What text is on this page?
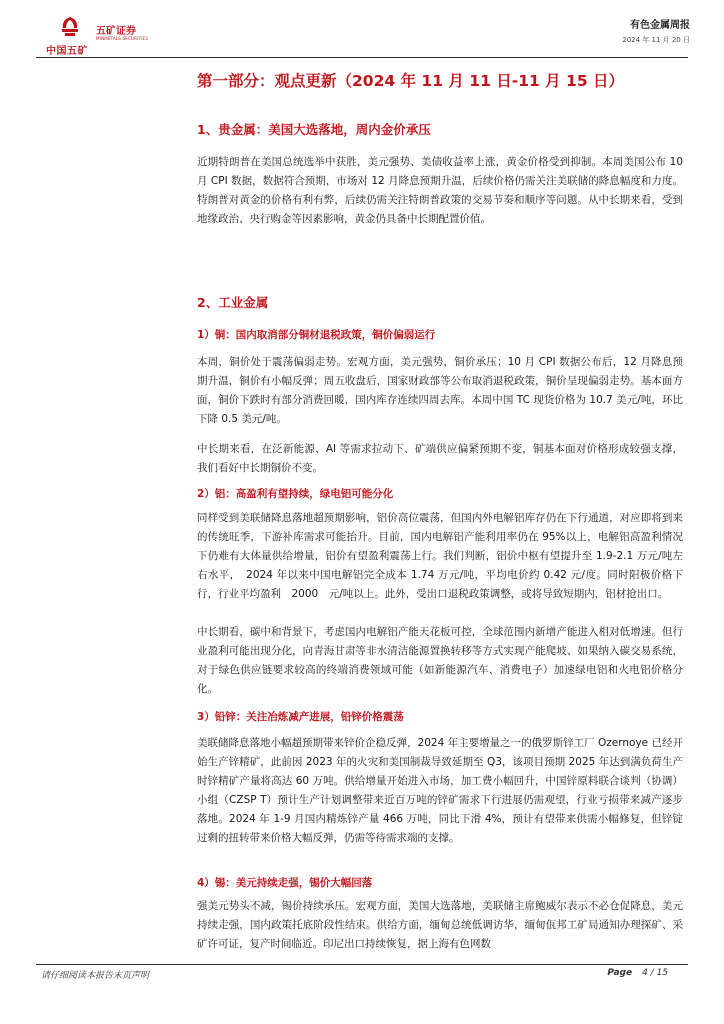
中国五矿
五矿证券
MINMETALS SECURITIES
有色金属周报
2024 年 11 月 20 日
第一部分：观点更新（2024 年 11 月 11 日-11 月 15 日）
1、贵金属：美国大选落地，周内金价承压
近期特朗普在美国总统选举中获胜，美元强势、美债收益率上涨，黄金价格受到抑制。本周美国公布 10 月 CPI 数据，数据符合预期，市场对 12 月降息预期升温，后续价格仍需关注美联储的降息幅度和力度。特朗普对黄金的价格有利有弊，后续仍需关注特朗普政策的交易节奏和顺序等问题。从中长期来看，受到地缘政治、央行购金等因素影响，黄金仍具备中长期配置价值。
2、工业金属
1）铜：国内取消部分铜材退税政策，铜价偏弱运行
本周，铜价处于震荡偏弱走势。宏观方面，美元强势，铜价承压；10 月 CPI 数据公布后，12 月降息预期升温，铜价有小幅反弹；周五收盘后，国家财政部等公布取消退税政策，铜价呈现偏弱走势。基本面方面，铜价下跌时有部分消费回暖，国内库存连续四周去库。本周中国 TC 现货价格为 10.7 美元/吨，环比下降 0.5 美元/吨。
中长期来看，在泛新能源、AI 等需求拉动下、矿端供应偏紧预期不变，铜基本面对价格形成较强支撑，我们看好中长期铜价不变。
2）铝：高盈利有望持续，绿电铝可能分化
同样受到美联储降息落地超预期影响，铝价高位震荡，但国内外电解铝库存仍在下行通道，对应即将到来的传统旺季，下游补库需求可能抬升。目前，国内电解铝产能利用率仍在 95%以上，电解铝高盈利情况下仍难有大体量供给增量，铝价有望盈利震荡上行。我们判断，铝价中枢有望提升至 1.9-2.1 万元/吨左右水平，　2024 年以来中国电解铝完全成本 1.74 万元/吨，平均电价约 0.42 元/度。同时阳极价格下行，行业平均盈利　2000　元/吨以上。此外，受出口退税政策调整，或将导致短期内，铝材抢出口。
中长期看，碳中和背景下，考虑国内电解铝产能天花板可控，全球范围内新增产能进入相对低增速。但行业盈利可能出现分化，向青海甘肃等非水清洁能源置换转移等方式实现产能爬坡、如果纳入碳交易系统，对于绿色供应链要求较高的终端消费领域可能（如新能源汽车、消费电子）加速绿电铝和火电铝价格分化。
3）铅锌：关注冶炼减产进展，铅锌价格震荡
美联储降息落地小幅超预期带来锌价企稳反弹，2024 年主要增量之一的俄罗斯锌工厂 Ozernoye 已经开始生产锌精矿，此前因 2023 年的火灾和美国制裁导致延期至 Q3，该项目预期 2025 年达到满负荷生产时锌精矿产量将高达 60 万吨。供给增量开始进入市场，加工费小幅回升，中国锌原料联合谈判（协调）小组（CZSP T）预计生产计划调整带来近百万吨的锌矿需求下行进展仍需观望，行业亏损带来减产逐步落地。2024 年 1-9 月国内精炼锌产量 466 万吨，同比下滑 4%，预计有望带来供需小幅修复，但锌锭过剩的扭转带来价格大幅反弹，仍需等待需求端的支撑。
4）锡：美元持续走强，锡价大幅回落
强美元势头不减，锡价持续承压。宏观方面，美国大选落地，美联储主席鲍威尔表示不必仓促降息，美元持续走强，国内政策托底阶段性结束。供给方面，缅甸总统低调访华，缅甸佤邦工矿局通知办理探矿、采矿许可证，复产时间临近。印尼出口持续恢复，据上海有色网数
请仔细阅读本报告末页声明	Page 4 / 15
